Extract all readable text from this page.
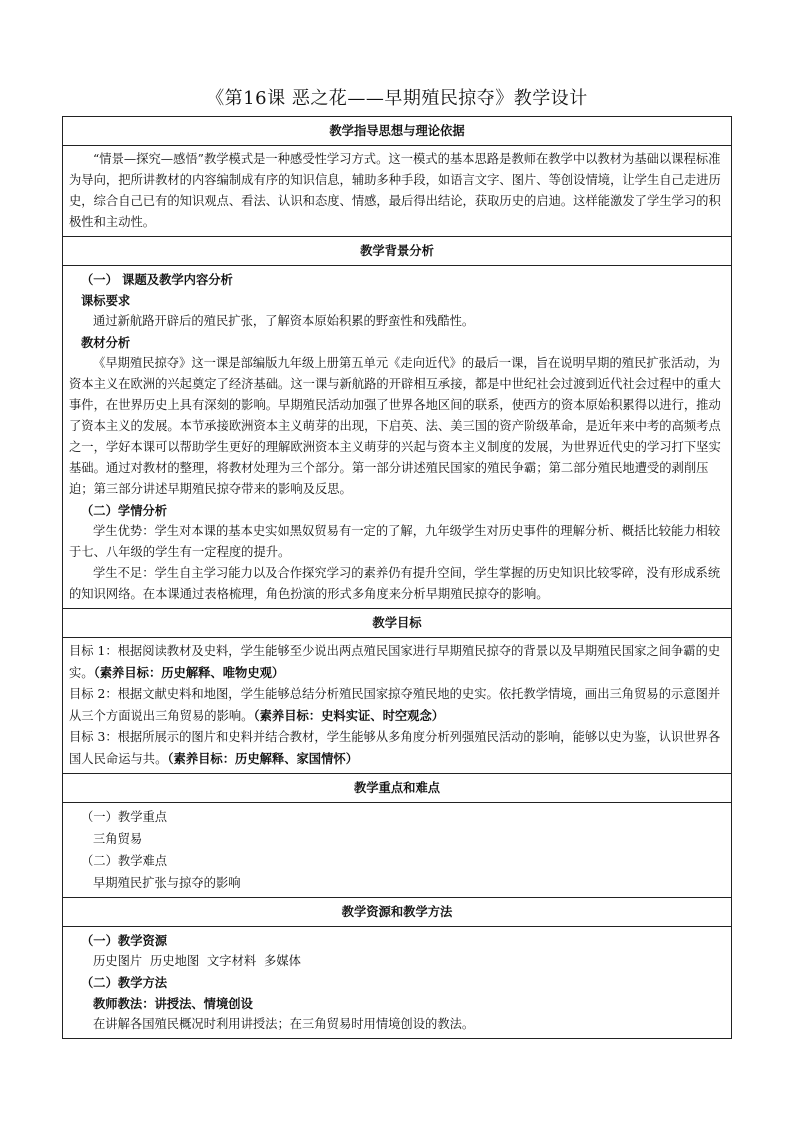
《第16课 恶之花——早期殖民掠夺》教学设计
教学指导思想与理论依据

“情景—探究—感悟”教学模式是一种感受性学习方式。这一模式的基本思路是教师在教学中以教材为基础以课程标准为导向，把所讲教材的内容编制成有序的知识信息，辅助多种手段，如语言文字、图片、等创设情境，让学生自己走进历史，综合自己已有的知识观点、看法、认识和态度、情感，最后得出结论，获取历史的启迪。这样能激发了学生学习的积极性和主动性。

教学背景分析

（一） 课题及教学内容分析

课标要求

通过新航路开辟后的殖民扩张，了解资本原始积累的野蛮性和残酷性。

教材分析

《早期殖民掠夺》这一课是部编版九年级上册第五单元《走向近代》的最后一课，旨在说明早期的殖民扩张活动，为资本主义在欧洲的兴起奠定了经济基础。这一课与新航路的开辟相互承接，都是中世纪社会过渡到近代社会过程中的重大事件，在世界历史上具有深刻的影响。早期殖民活动加强了世界各地区间的联系，使西方的资本原始积累得以进行，推动了资本主义的发展。本节承接欧洲资本主义萌芽的出现，下启英、法、美三国的资产阶级革命，是近年来中考的高频考点之一，学好本课可以帮助学生更好的理解欧洲资本主义萌芽的兴起与资本主义制度的发展，为世界近代史的学习打下坚实基础。通过对教材的整理，将教材处理为三个部分。第一部分讲述殖民国家的殖民争霸；第二部分殖民地遭受的剥削压迫；第三部分讲述早期殖民掠夺带来的影响及反思。

（二）学情分析

学生优势：学生对本课的基本史实如黑奴贸易有一定的了解，九年级学生对历史事件的理解分析、概括比较能力相较于七、八年级的学生有一定程度的提升。

学生不足：学生自主学习能力以及合作探究学习的素养仍有提升空间，学生掌握的历史知识比较零碎，没有形成系统的知识网络。在本课通过表格梳理，角色扮演的形式多角度来分析早期殖民掠夺的影响。

教学目标

目标 1：根据阅读教材及史料，学生能够至少说出两点殖民国家进行早期殖民掠夺的背景以及早期殖民国家之间争霸的史实。（素养目标：历史解释、唯物史观）

目标 2：根据文献史料和地图，学生能够总结分析殖民国家掠夺殖民地的史实。依托教学情境，画出三角贸易的示意图并从三个方面说出三角贸易的影响。（素养目标：史料实证、时空观念）

目标 3：根据所展示的图片和史料并结合教材，学生能够从多角度分析列强殖民活动的影响，能够以史为鉴，认识世界各国人民命运与共。（素养目标：历史解释、家国情怀）

教学重点和难点

（一）教学重点

三角贸易

（二）教学难点

早期殖民扩张与掠夺的影响

教学资源和教学方法

（一）教学资源

历史图片  历史地图  文字材料  多媒体

（二）教学方法

教师教法：讲授法、情境创设

在讲解各国殖民概况时利用讲授法；在三角贸易时用情境创设的教法。
